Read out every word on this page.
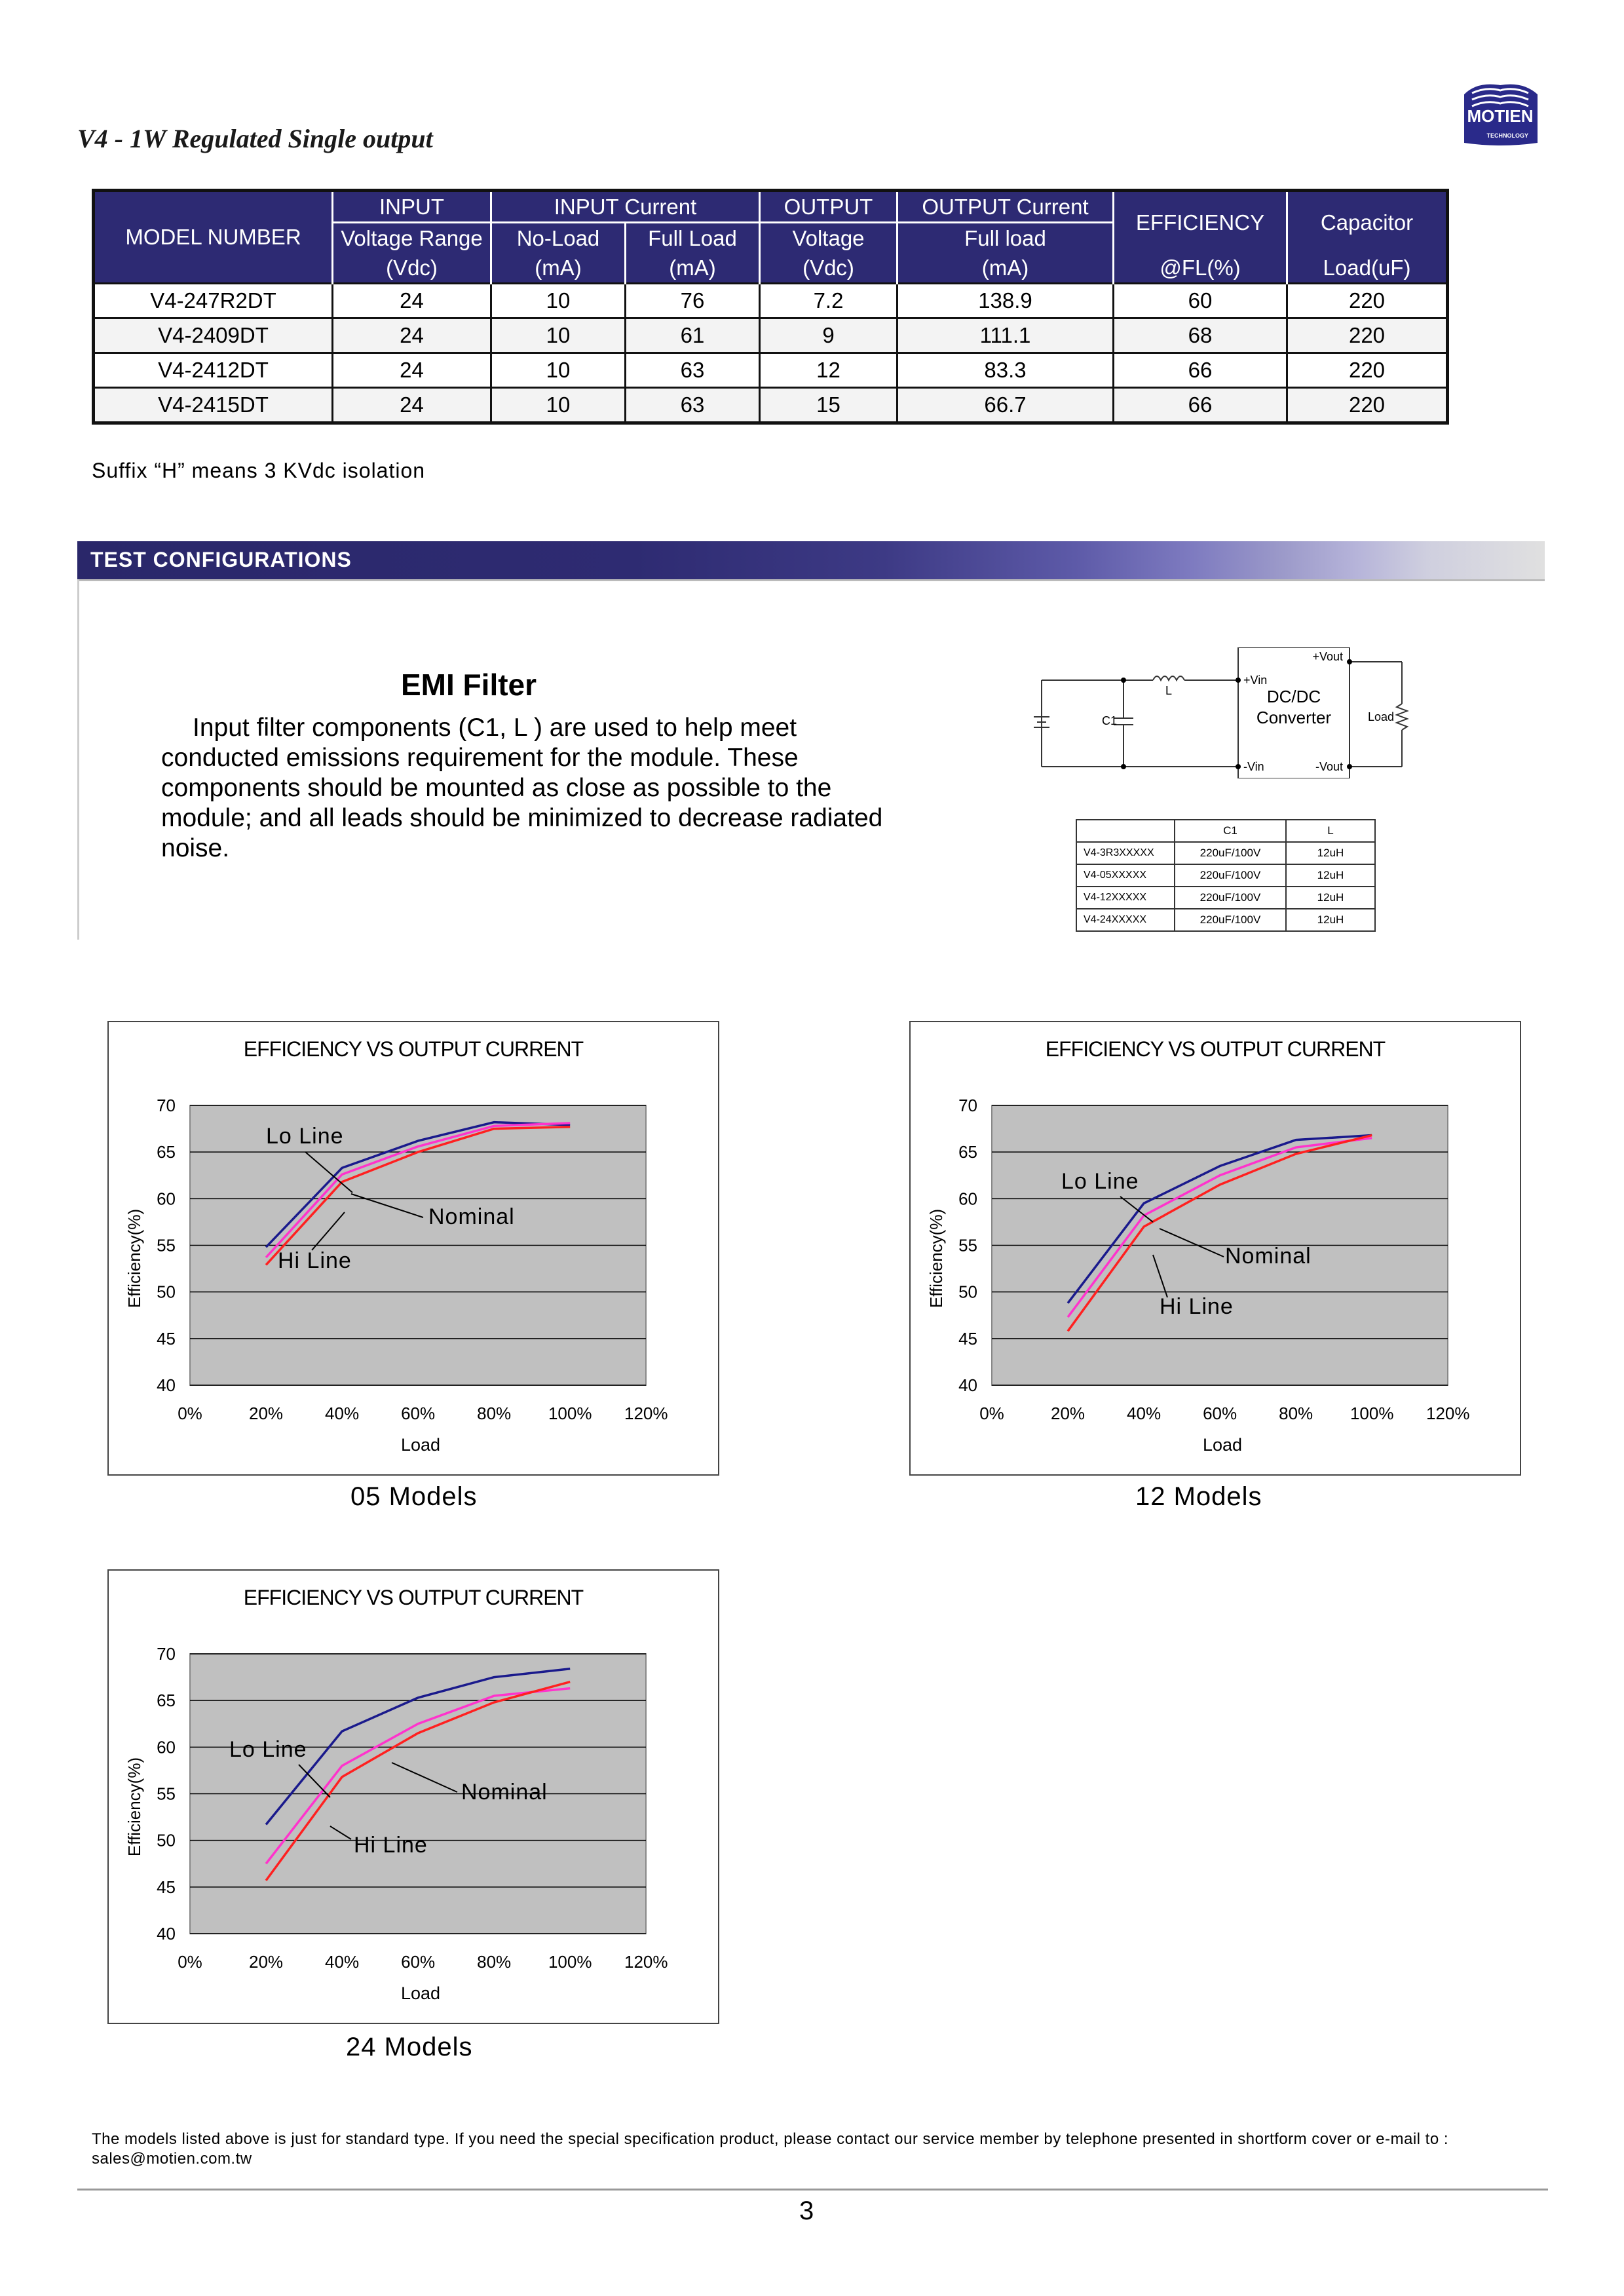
V4 - 1W Regulated Single output
MOTIEN
TECHNOLOGY
MODEL NUMBER	INPUT	INPUT Current		OUTPUT	OUTPUT Current	EFFICIENCY	Capacitor
	Voltage Range	No-Load	Full Load	Voltage	Full load		
	(Vdc)	(mA)	(mA)	(Vdc)	(mA)	@FL(%)	Load(uF)
V4-247R2DT	24	10	76	7.2	138.9	60	220
V4-2409DT	24	10	61	9	111.1	68	220
V4-2412DT	24	10	63	12	83.3	66	220
V4-2415DT	24	10	63	15	66.7	66	220
Suffix “H” means 3 KVdc isolation
TEST CONFIGURATIONS
EMI Filter

Input filter components (C1, L ) are used to help meet conducted emissions requirement for the module. These components should be mounted as close as possible to the module; and all leads should be minimized to decrease radiated noise.

L
C1
+Vin
-Vin
+Vout
-Vout
DC/DC
Converter	Load
	C1	L
V4-3R3XXXXX	220uF/100V	12uH
V4-05XXXXX	220uF/100V	12uH
V4-12XXXXX	220uF/100V	12uH
V4-24XXXXX	220uF/100V	12uH
40
45
50
55
60
65
70
0%	20% 40% 60% 80% 100% 120%
EFFICIENCY VS OUTPUT CURRENT
Load
Efficiency(%)
Lo Line
Nominal
Hi Line
05 Models
40
45
50
55
60
65
70
0%	20% 40% 60% 80% 100% 120%
EFFICIENCY VS OUTPUT CURRENT
Load
Efficiency(%)
Lo Line
Nominal
Hi Line
12 Models
40
45
50
55
60
65
70
0%	20% 40% 60% 80% 100% 120%
EFFICIENCY VS OUTPUT CURRENT
Load
Efficiency(%)
Lo Line
Nominal
Hi Line
24 Models
The models listed above is just for standard type. If you need the special specification product, please contact our service member by telephone presented in shortform cover or e-mail to : sales@motien.com.tw
3
